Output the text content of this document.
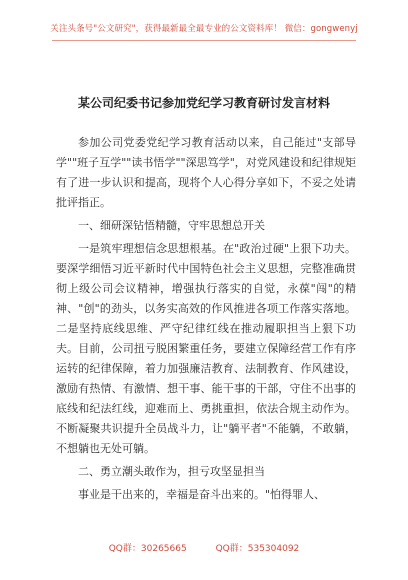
关注头条号"公文研究"，获得最新最全最专业的公文资料库！ 微信：gongwenyj
某公司纪委书记参加党纪学习教育研讨发言材料

参加公司党委党纪学习教育活动以来，自己能过"支部导学""班子互学""读书悟学""深思笃学"，对党风建设和纪律规矩有了进一步认识和提高，现将个人心得分享如下，不妥之处请批评指正。

一、细研深钻悟精髓，守牢思想总开关

一是筑牢理想信念思想根基。在"政治过硬"上狠下功夫。要深学细悟习近平新时代中国特色社会主义思想，完整准确贯彻上级公司会议精神，增强执行落实的自觉，永葆"闯"的精神、"创"的劲头，以务实高效的作风推进各项工作落实落地。二是坚持底线思维、严守纪律红线在推动履职担当上狠下功夫。目前，公司扭亏脱困繁重任务，要建立保障经营工作有序运转的纪律保障，着力加强廉洁教育、法制教育、作风建设，激励有热情、有激情、想干事、能干事的干部，守住不出事的底线和纪法红线，迎难而上、勇挑重担，依法合规主动作为。不断凝聚共识提升全员战斗力，让"躺平者"不能躺，不敢躺，不想躺也无处可躺。

二、勇立潮头敢作为，担亏攻坚显担当

事业是干出来的，幸福是奋斗出来的。"怕得罪人、

QQ群：30265665	QQ群：535304092
